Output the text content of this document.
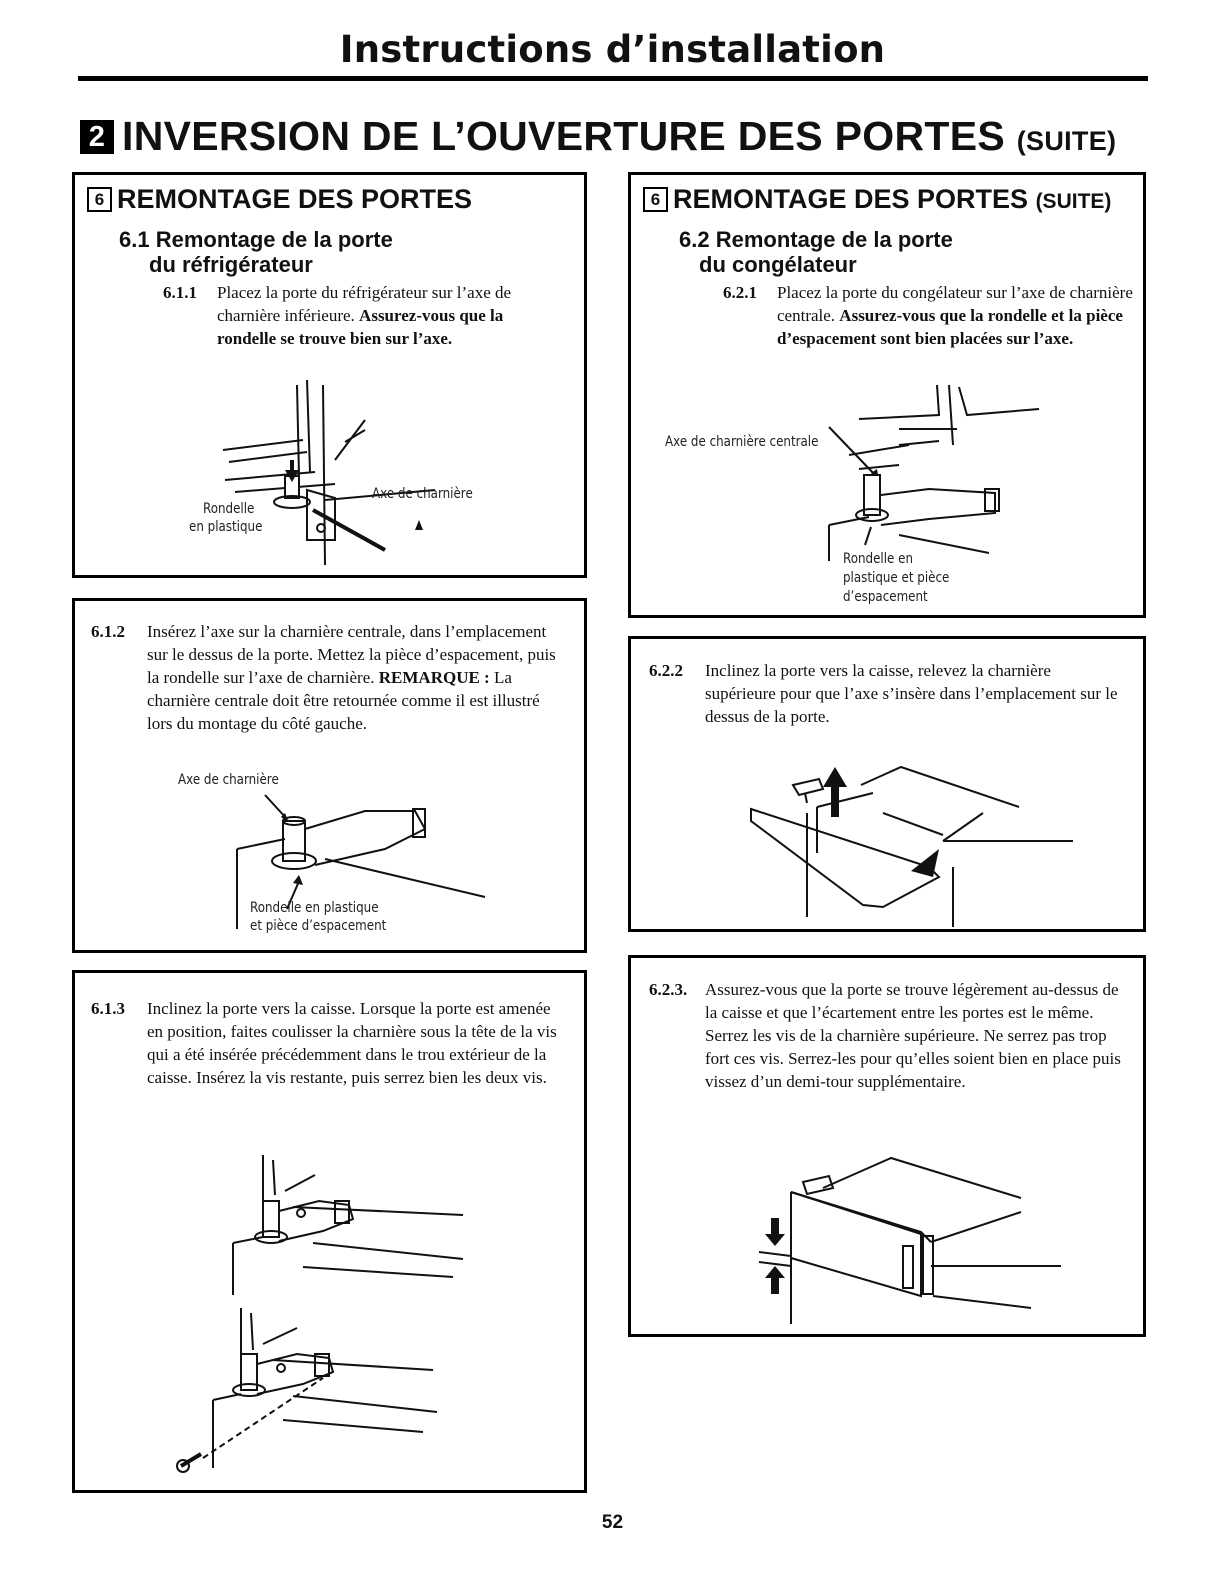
Instructions d’installation
2 INVERSION DE L’OUVERTURE DES PORTES (SUITE)
6 REMONTAGE DES PORTES
6.1 Remontage de la porte
du réfrigérateur
6.1.1	Placez la porte du réfrigérateur sur l’axe de charnière inférieure. Assurez-vous que la rondelle se trouve bien sur l’axe.
Axe de charnière
Rondelle
en plastique
6.1.2	Insérez l’axe sur la charnière centrale, dans l’emplacement sur le dessus de la porte. Mettez la pièce d’espacement, puis la rondelle sur l’axe de charnière. REMARQUE : La charnière centrale doit être retournée comme il est illustré lors du montage du côté gauche.
Axe de charnière
Rondelle en plastique
et pièce d’espacement
6.1.3	Inclinez la porte vers la caisse. Lorsque la porte est amenée en position, faites coulisser la charnière sous la tête de la vis qui a été insérée précédemment dans le trou extérieur de la caisse. Insérez la vis restante, puis serrez bien les deux vis.
6 REMONTAGE DES PORTES (SUITE)
6.2 Remontage de la porte
du congélateur
6.2.1	Placez la porte du congélateur sur l’axe de charnière centrale. Assurez-vous que la rondelle et la pièce d’espacement sont bien placées sur l’axe.
Axe de charnière centrale
Rondelle en
plastique et pièce
d’espacement
6.2.2	Inclinez la porte vers la caisse, relevez la charnière supérieure pour que l’axe s’insère dans l’emplacement sur le dessus de la porte.
6.2.3.	Assurez-vous que la porte se trouve légèrement au-dessus de la caisse et que l’écartement entre les portes est le même. Serrez les vis de la charnière supérieure. Ne serrez pas trop fort ces vis. Serrez-les pour qu’elles soient bien en place puis vissez d’un demi-tour supplémentaire.
52
